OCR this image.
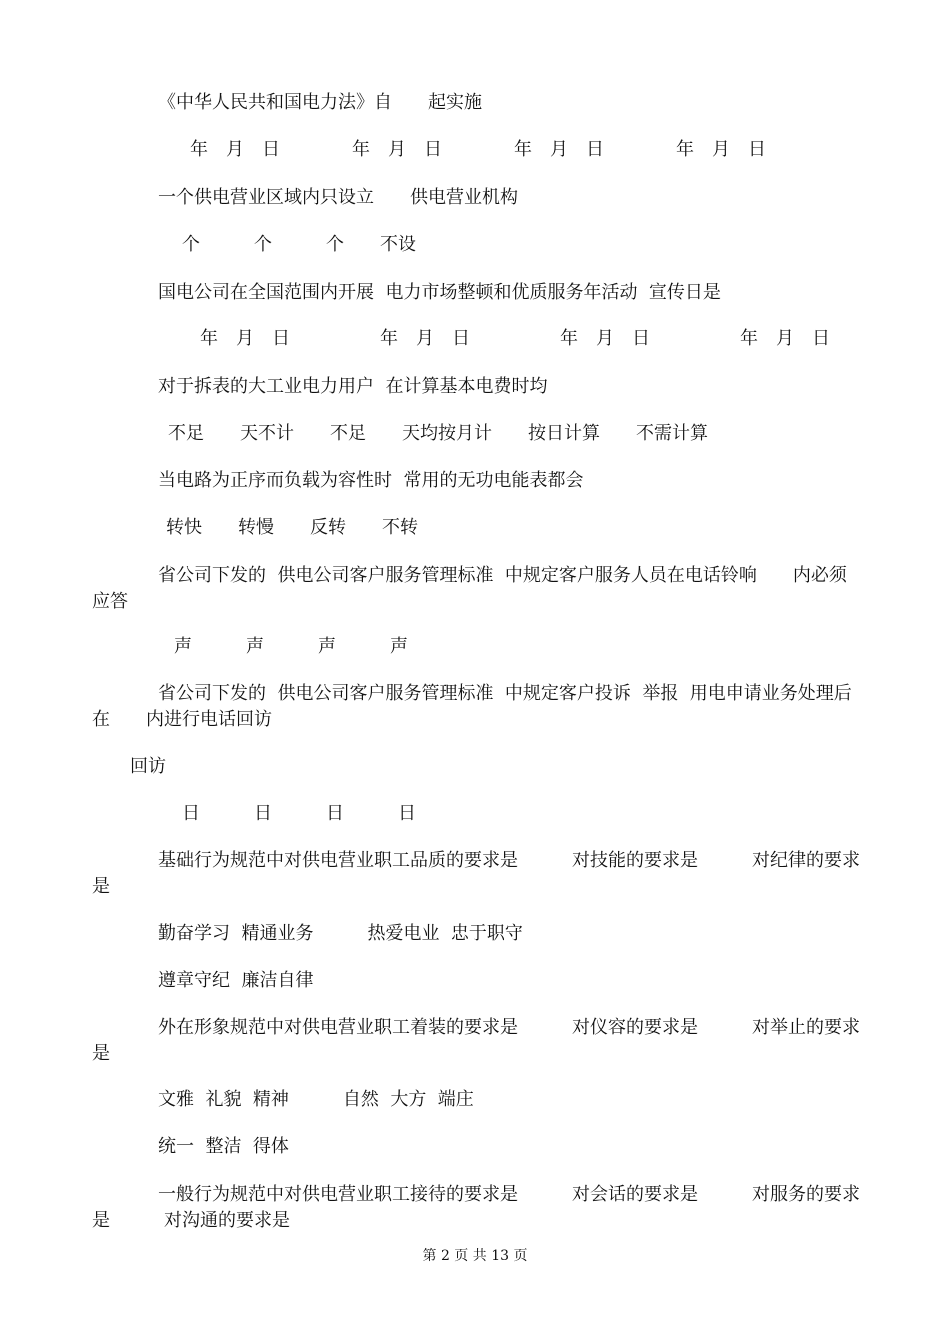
《中华人民共和国电力法》自　　起实施
年　月　日　　　　年　月　日　　　　年　月　日　　　　年　月　日
一个供电营业区域内只设立　　供电营业机构
个　　　个　　　个　　不设
国电公司在全国范围内开展  电力市场整顿和优质服务年活动  宣传日是
年　月　日　　　　　年　月　日　　　　　年　月　日　　　　　年　月　日
对于拆表的大工业电力用户  在计算基本电费时均
不足　　天不计　　不足　　天均按月计　　按日计算　　不需计算
当电路为正序而负载为容性时  常用的无功电能表都会
转快　　转慢　　反转　　不转
省公司下发的  供电公司客户服务管理标准  中规定客户服务人员在电话铃响　　内必须应答
声　　　声　　　声　　　声
省公司下发的  供电公司客户服务管理标准  中规定客户投诉  举报  用电申请业务处理后在　　内进行电话回访
回访
日　　　日　　　日　　　日
基础行为规范中对供电营业职工品质的要求是　　　对技能的要求是　　　对纪律的要求是
勤奋学习  精通业务　　　热爱电业  忠于职守
遵章守纪  廉洁自律
外在形象规范中对供电营业职工着装的要求是　　　对仪容的要求是　　　对举止的要求是
文雅  礼貌  精神　　　自然  大方  端庄
统一  整洁  得体
一般行为规范中对供电营业职工接待的要求是　　　对会话的要求是　　　对服务的要求是　　　对沟通的要求是
第 2 页 共 13 页
